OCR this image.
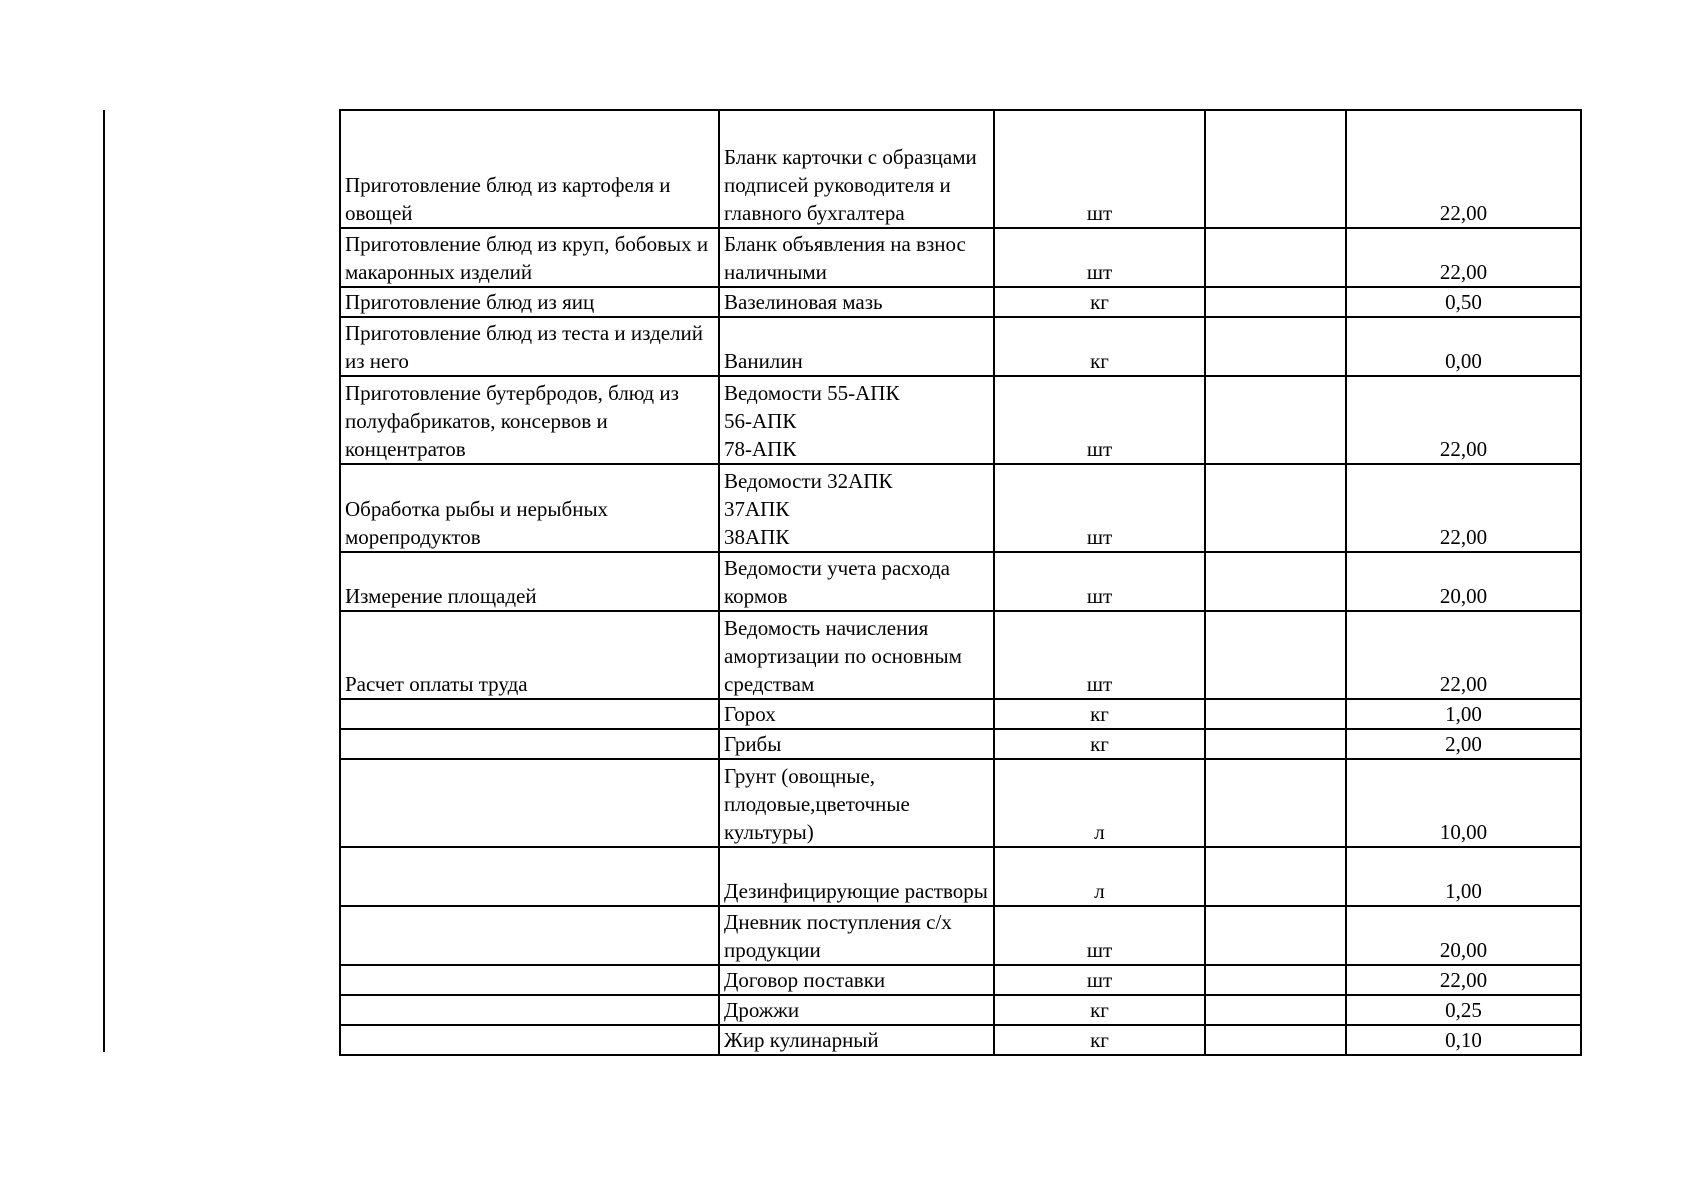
Приготовление блюд из картофеля и овощей	Бланк карточки с образцами подписей руководителя и главного бухгалтера	шт		22,00
Приготовление блюд из круп, бобовых и макаронных изделий	Бланк объявления на взнос наличными	шт		22,00
Приготовление блюд из яиц	Вазелиновая мазь	кг		0,50
Приготовление блюд из теста и изделий из него	Ванилин	кг		0,00
Приготовление бутербродов, блюд из полуфабрикатов, консервов и концентратов	Ведомости 55-АПК
56-АПК
78-АПК	шт		22,00
Обработка рыбы и нерыбных морепродуктов	Ведомости 32АПК
37АПК
38АПК	шт		22,00
Измерение площадей	Ведомости учета расхода кормов	шт		20,00
Расчет оплаты труда	Ведомость начисления амортизации по основным средствам	шт		22,00
	Горох	кг		1,00
	Грибы	кг		2,00
	Грунт (овощные, плодовые,цветочные культуры)	л		10,00
	Дезинфицирующие растворы	л		1,00
	Дневник поступления с/х продукции	шт		20,00
	Договор поставки	шт		22,00
	Дрожжи	кг		0,25
	Жир кулинарный	кг		0,10
